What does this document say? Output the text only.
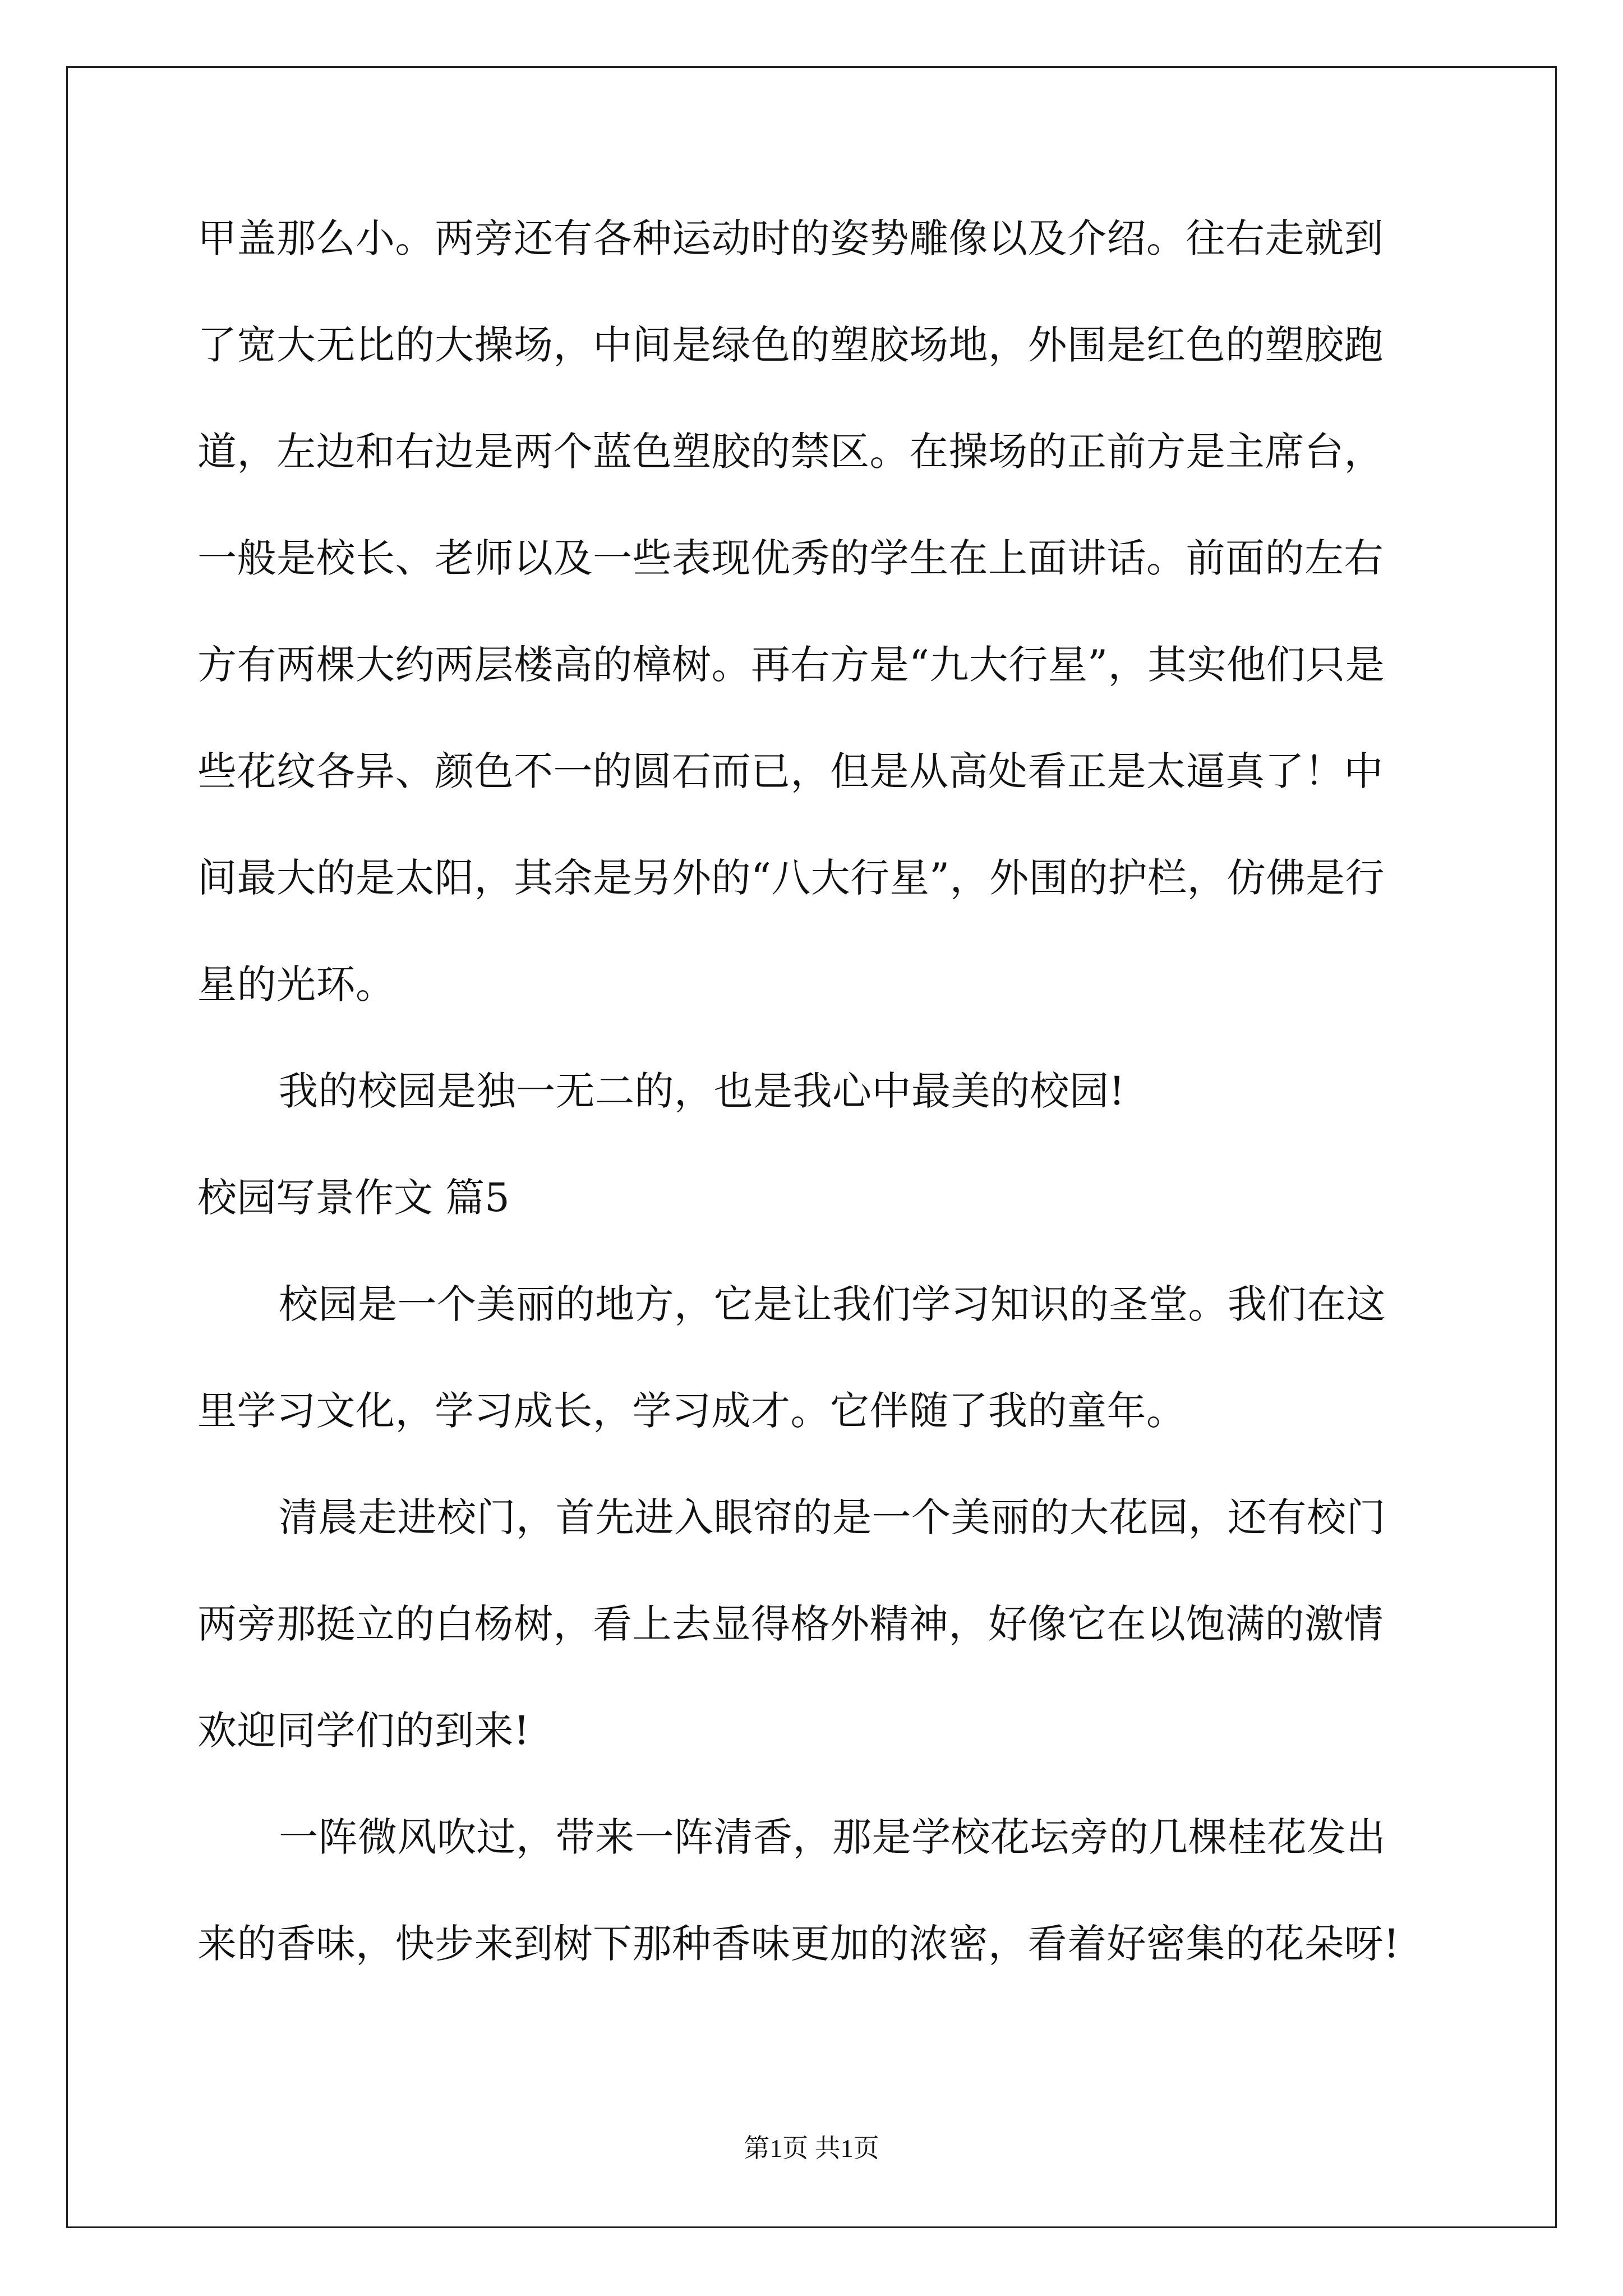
甲盖那么小。两旁还有各种运动时的姿势雕像以及介绍。往右走就到
了宽大无比的大操场，中间是绿色的塑胶场地，外围是红色的塑胶跑
道，左边和右边是两个蓝色塑胶的禁区。在操场的正前方是主席台，
一般是校长、老师以及一些表现优秀的学生在上面讲话。前面的左右
方有两棵大约两层楼高的樟树。再右方是“九大行星”，其实他们只是
些花纹各异、颜色不一的圆石而已，但是从高处看正是太逼真了！中
间最大的是太阳，其余是另外的“八大行星”，外围的护栏，仿佛是行
星的光环。
我的校园是独一无二的，也是我心中最美的校园!
校园写景作文 篇5
校园是一个美丽的地方，它是让我们学习知识的圣堂。我们在这
里学习文化，学习成长，学习成才。它伴随了我的童年。
清晨走进校门，首先进入眼帘的是一个美丽的大花园，还有校门
两旁那挺立的白杨树，看上去显得格外精神，好像它在以饱满的激情
欢迎同学们的到来!
一阵微风吹过，带来一阵清香，那是学校花坛旁的几棵桂花发出
来的香味，快步来到树下那种香味更加的浓密，看着好密集的花朵呀!
第1页 共1页
